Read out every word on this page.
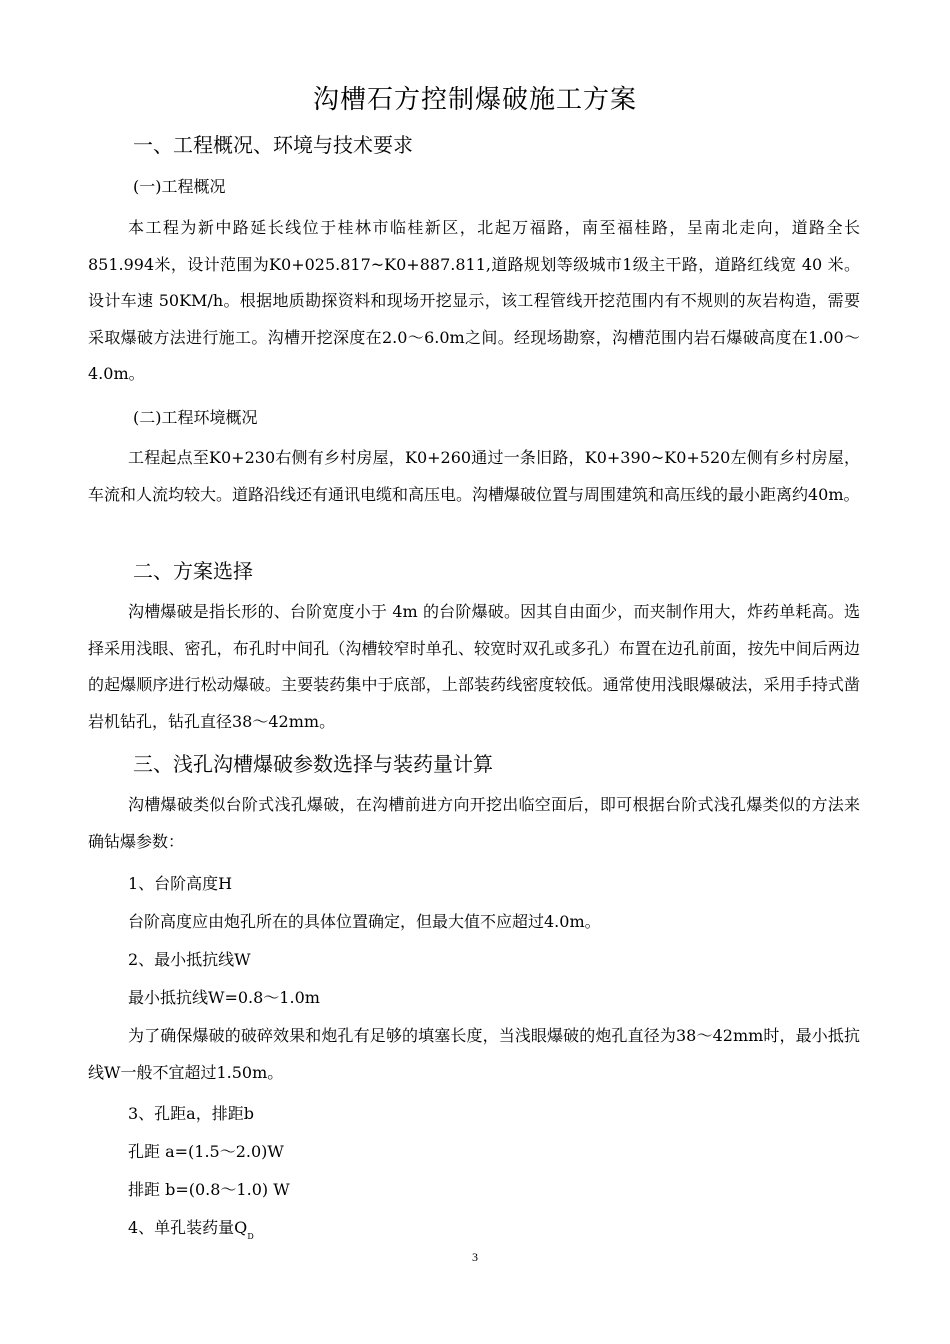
沟槽石方控制爆破施工方案
一、工程概况、环境与技术要求
(一)工程概况
本工程为新中路延长线位于桂林市临桂新区，北起万福路，南至福桂路，呈南北走向，道路全长851.994米，设计范围为K0+025.817~K0+887.811,道路规划等级城市1级主干路，道路红线宽 40 米。设计车速 50KM/h。根据地质勘探资料和现场开挖显示，该工程管线开挖范围内有不规则的灰岩构造，需要采取爆破方法进行施工。沟槽开挖深度在2.0～6.0m之间。经现场勘察，沟槽范围内岩石爆破高度在1.00～4.0m。
(二)工程环境概况
工程起点至K0+230右侧有乡村房屋，K0+260通过一条旧路，K0+390~K0+520左侧有乡村房屋，车流和人流均较大。道路沿线还有通讯电缆和高压电。沟槽爆破位置与周围建筑和高压线的最小距离约40m。
二、方案选择
沟槽爆破是指长形的、台阶宽度小于 4m 的台阶爆破。因其自由面少，而夹制作用大，炸药单耗高。选择采用浅眼、密孔，布孔时中间孔（沟槽较窄时单孔、较宽时双孔或多孔）布置在边孔前面，按先中间后两边的起爆顺序进行松动爆破。主要装药集中于底部，上部装药线密度较低。通常使用浅眼爆破法，采用手持式凿岩机钻孔，钻孔直径38～42mm。
三、浅孔沟槽爆破参数选择与装药量计算
沟槽爆破类似台阶式浅孔爆破，在沟槽前进方向开挖出临空面后，即可根据台阶式浅孔爆类似的方法来确钻爆参数：
1、台阶高度H
台阶高度应由炮孔所在的具体位置确定，但最大值不应超过4.0m。
2、最小抵抗线W
最小抵抗线W=0.8～1.0m
为了确保爆破的破碎效果和炮孔有足够的填塞长度，当浅眼爆破的炮孔直径为38～42mm时，最小抵抗线W一般不宜超过1.50m。
3、孔距a，排距b
孔距 a=(1.5～2.0)W
排距 b=(0.8～1.0) W
4、单孔装药量$Q_D$
3
